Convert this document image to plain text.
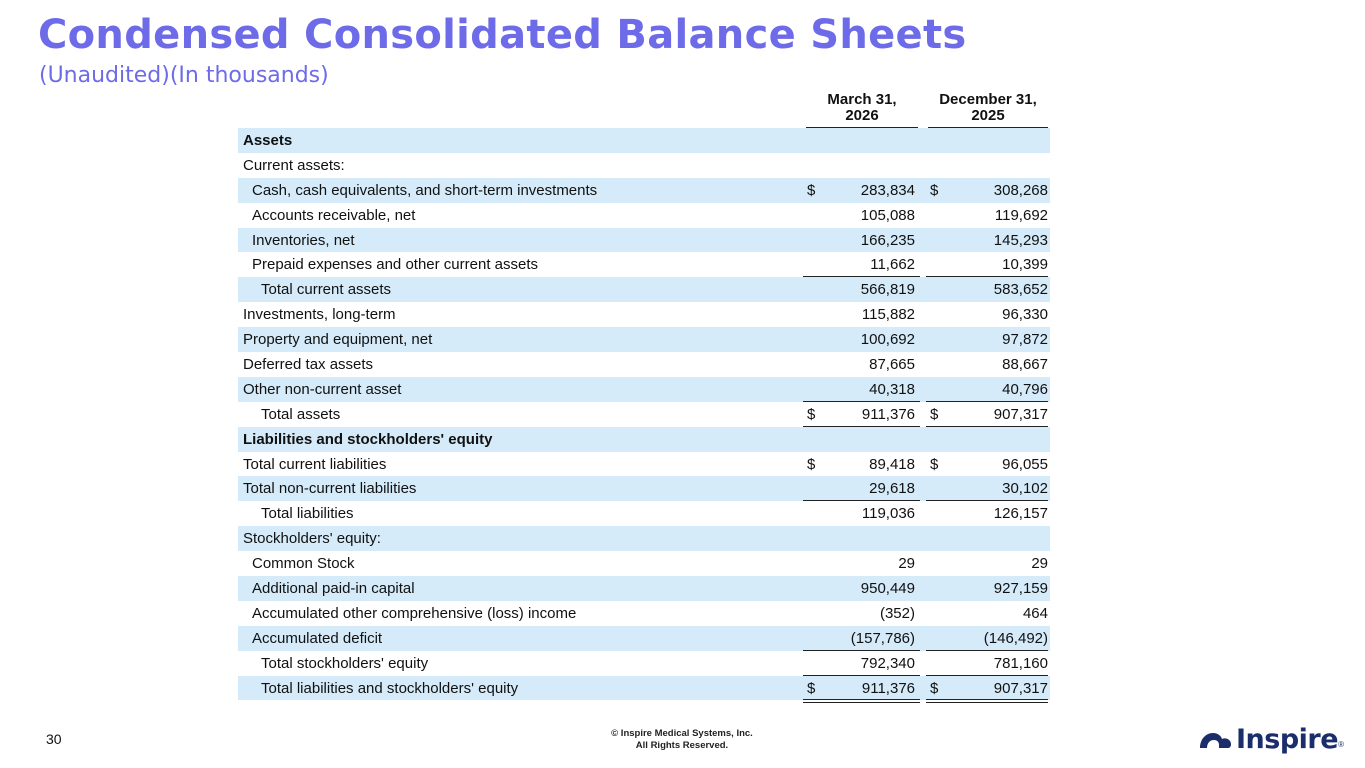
Condensed Consolidated Balance Sheets
(Unaudited)(In thousands)
March 31,
2026
December 31,
2025
Assets
Current assets:
Cash, cash equivalents, and short-term investments	$	283,834 $	308,268
Accounts receivable, net	105,088	119,692
Inventories, net	166,235	145,293
Prepaid expenses and other current assets	11,662	10,399
Total current assets	566,819	583,652
Investments, long-term	115,882	96,330
Property and equipment, net	100,692	97,872
Deferred tax assets	87,665	88,667
Other non-current asset	40,318	40,796
Total assets	$	911,376 $	907,317
Liabilities and stockholders' equity
Total current liabilities	$	89,418 $	96,055
Total non-current liabilities	29,618	30,102
Total liabilities	119,036	126,157
Stockholders' equity:
Common Stock	29	29
Additional paid-in capital	950,449	927,159
Accumulated other comprehensive (loss) income	(352)	464
Accumulated deficit	(157,786)	(146,492)
Total stockholders' equity	792,340	781,160
Total liabilities and stockholders' equity	$	911,376 $	907,317
30	© Inspire Medical Systems, Inc.
All Rights Reserved.	Inspire ®
